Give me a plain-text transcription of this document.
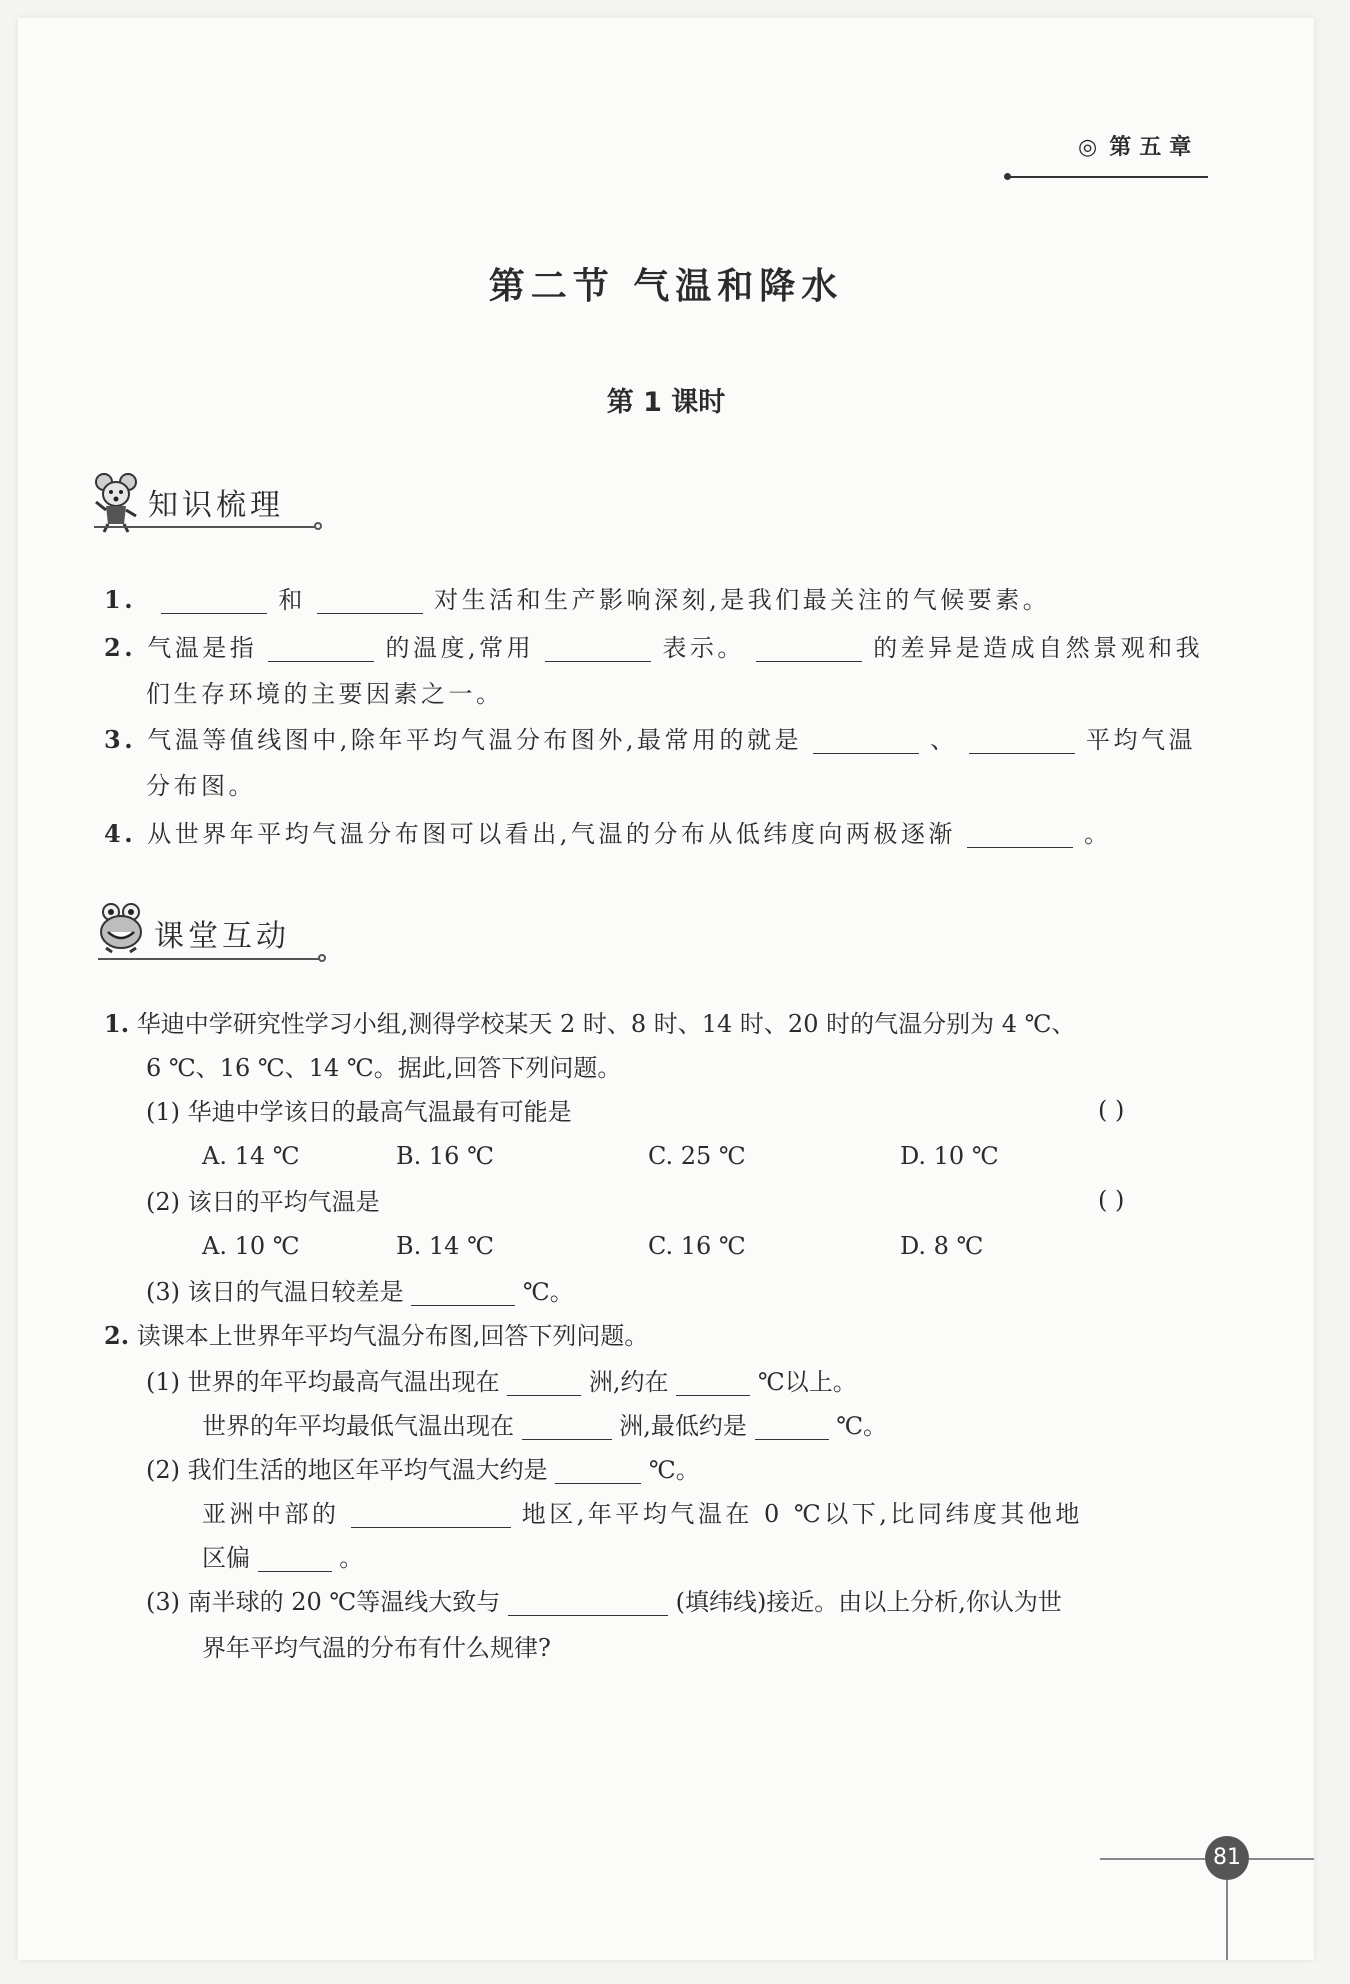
◎ 第五章
第二节 气温和降水
第 1 课时
知识梳理
1.	和	对生活和生产影响深刻,是我们最关注的气候要素。
2. 气温是指	的温度,常用	表示。	的差异是造成自然景观和我
们生存环境的主要因素之一。
3. 气温等值线图中,除年平均气温分布图外,最常用的就是	、	平均气温
分布图。
4. 从世界年平均气温分布图可以看出,气温的分布从低纬度向两极逐渐	。
课堂互动
1. 华迪中学研究性学习小组,测得学校某天 2 时、8 时、14 时、20 时的气温分别为 4 ℃、
6 ℃、16 ℃、14 ℃。据此,回答下列问题。
(1) 华迪中学该日的最高气温最有可能是	( )
A. 14 ℃	B. 16 ℃	C. 25 ℃	D. 10 ℃
(2) 该日的平均气温是	( )
A. 10 ℃	B. 14 ℃	C. 16 ℃	D. 8 ℃
(3) 该日的气温日较差是	℃。
2. 读课本上世界年平均气温分布图,回答下列问题。
(1) 世界的年平均最高气温出现在	洲,约在	℃以上。
世界的年平均最低气温出现在	洲,最低约是	℃。
(2) 我们生活的地区年平均气温大约是	℃。
亚洲中部的	地区,年平均气温在 0 ℃以下,比同纬度其他地
区偏	。
(3) 南半球的 20 ℃等温线大致与	(填纬线)接近。由以上分析,你认为世
界年平均气温的分布有什么规律?
81
